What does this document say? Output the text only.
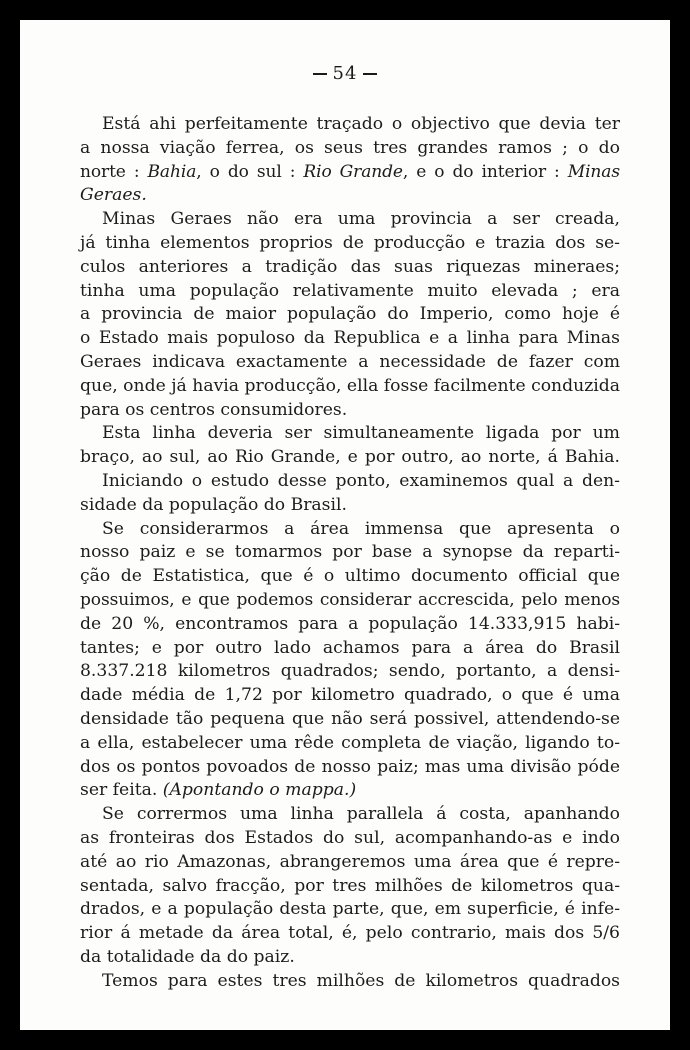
54
Está ahi perfeitamente traçado o objectivo que devia ter
a nossa viação ferrea, os seus tres grandes ramos ; o do
norte : Bahia, o do sul : Rio Grande, e o do interior : Minas
Geraes.
Minas Geraes não era uma provincia a ser creada,
já tinha elementos proprios de producção e trazia dos se-
culos anteriores a tradição das suas riquezas mineraes;
tinha uma população relativamente muito elevada ; era
a provincia de maior população do Imperio, como hoje é
o Estado mais populoso da Republica e a linha para Minas
Geraes indicava exactamente a necessidade de fazer com
que, onde já havia producção, ella fosse facilmente conduzida
para os centros consumidores.
Esta linha deveria ser simultaneamente ligada por um
braço, ao sul, ao Rio Grande, e por outro, ao norte, á Bahia.
Iniciando o estudo desse ponto, examinemos qual a den-
sidade da população do Brasil.
Se considerarmos a área immensa que apresenta o
nosso paiz e se tomarmos por base a synopse da reparti-
ção de Estatistica, que é o ultimo documento official que
possuimos, e que podemos considerar accrescida, pelo menos
de 20 %, encontramos para a população 14.333,915 habi-
tantes; e por outro lado achamos para a área do Brasil
8.337.218 kilometros quadrados; sendo, portanto, a densi-
dade média de 1,72 por kilometro quadrado, o que é uma
densidade tão pequena que não será possivel, attendendo-se
a ella, estabelecer uma rêde completa de viação, ligando to-
dos os pontos povoados de nosso paiz; mas uma divisão póde
ser feita. (Apontando o mappa.)
Se corrermos uma linha parallela á costa, apanhando
as fronteiras dos Estados do sul, acompanhando-as e indo
até ao rio Amazonas, abrangeremos uma área que é repre-
sentada, salvo fracção, por tres milhões de kilometros qua-
drados, e a população desta parte, que, em superficie, é infe-
rior á metade da área total, é, pelo contrario, mais dos 5/6
da totalidade da do paiz.
Temos para estes tres milhões de kilometros quadrados
